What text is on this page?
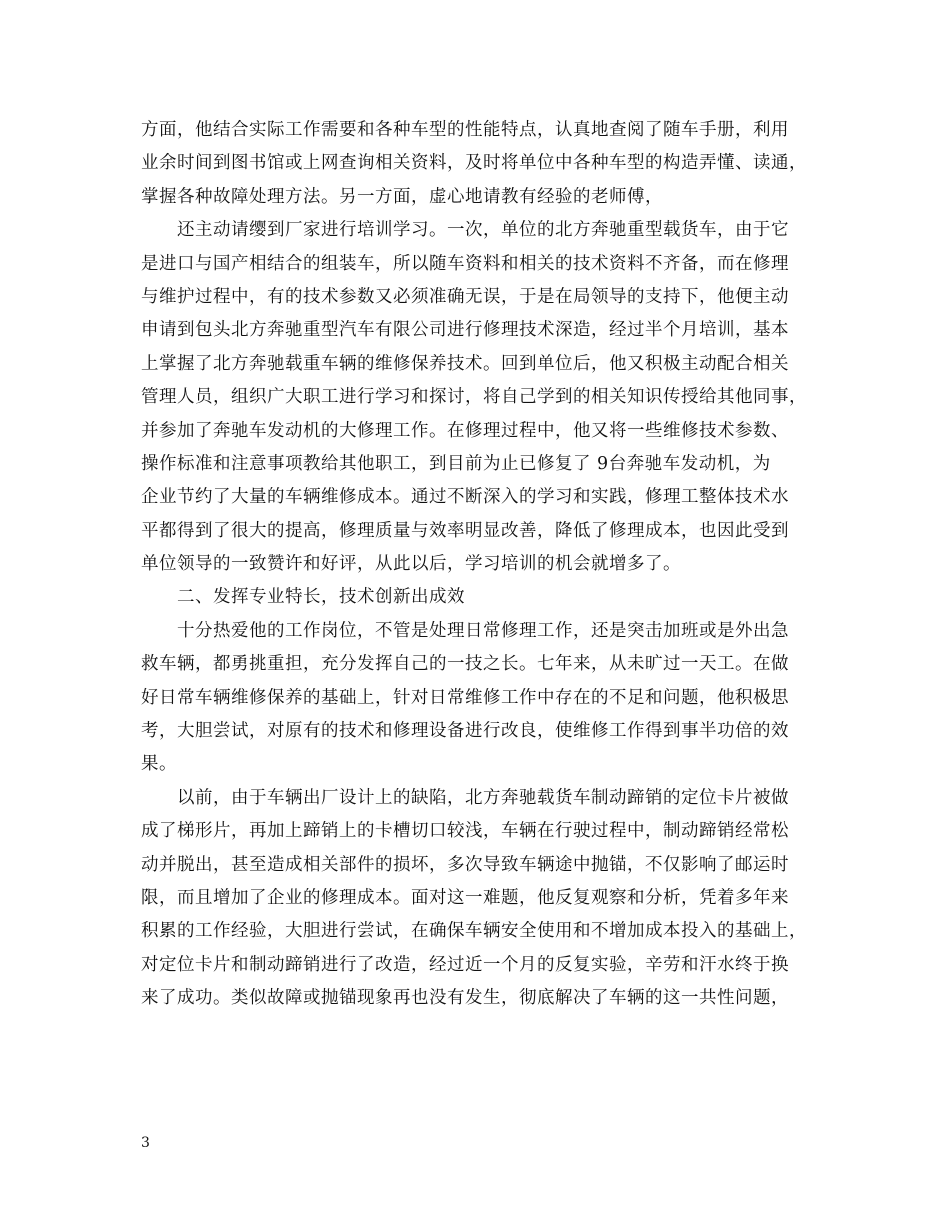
方面，他结合实际工作需要和各种车型的性能特点，认真地查阅了随车手册，利用
业余时间到图书馆或上网查询相关资料，及时将单位中各种车型的构造弄懂、读通，
掌握各种故障处理方法。另一方面，虚心地请教有经验的老师傅，
　　还主动请缨到厂家进行培训学习。一次，单位的北方奔驰重型载货车，由于它
是进口与国产相结合的组装车，所以随车资料和相关的技术资料不齐备，而在修理
与维护过程中，有的技术参数又必须准确无误，于是在局领导的支持下，他便主动
申请到包头北方奔驰重型汽车有限公司进行修理技术深造，经过半个月培训，基本
上掌握了北方奔驰载重车辆的维修保养技术。回到单位后，他又积极主动配合相关
管理人员，组织广大职工进行学习和探讨，将自己学到的相关知识传授给其他同事，
并参加了奔驰车发动机的大修理工作。在修理过程中，他又将一些维修技术参数、
操作标准和注意事项教给其他职工，到目前为止已修复了 9台奔驰车发动机，为
企业节约了大量的车辆维修成本。通过不断深入的学习和实践，修理工整体技术水
平都得到了很大的提高，修理质量与效率明显改善，降低了修理成本，也因此受到
单位领导的一致赞许和好评，从此以后，学习培训的机会就增多了。
　　二、发挥专业特长，技术创新出成效
　　十分热爱他的工作岗位，不管是处理日常修理工作，还是突击加班或是外出急
救车辆，都勇挑重担，充分发挥自己的一技之长。七年来，从未旷过一天工。在做
好日常车辆维修保养的基础上，针对日常维修工作中存在的不足和问题，他积极思
考，大胆尝试，对原有的技术和修理设备进行改良，使维修工作得到事半功倍的效
果。
　　以前，由于车辆出厂设计上的缺陷，北方奔驰载货车制动蹄销的定位卡片被做
成了梯形片，再加上蹄销上的卡槽切口较浅，车辆在行驶过程中，制动蹄销经常松
动并脱出，甚至造成相关部件的损坏，多次导致车辆途中抛锚，不仅影响了邮运时
限，而且增加了企业的修理成本。面对这一难题，他反复观察和分析，凭着多年来
积累的工作经验，大胆进行尝试，在确保车辆安全使用和不增加成本投入的基础上，
对定位卡片和制动蹄销进行了改造，经过近一个月的反复实验，辛劳和汗水终于换
来了成功。类似故障或抛锚现象再也没有发生，彻底解决了车辆的这一共性问题，
3
